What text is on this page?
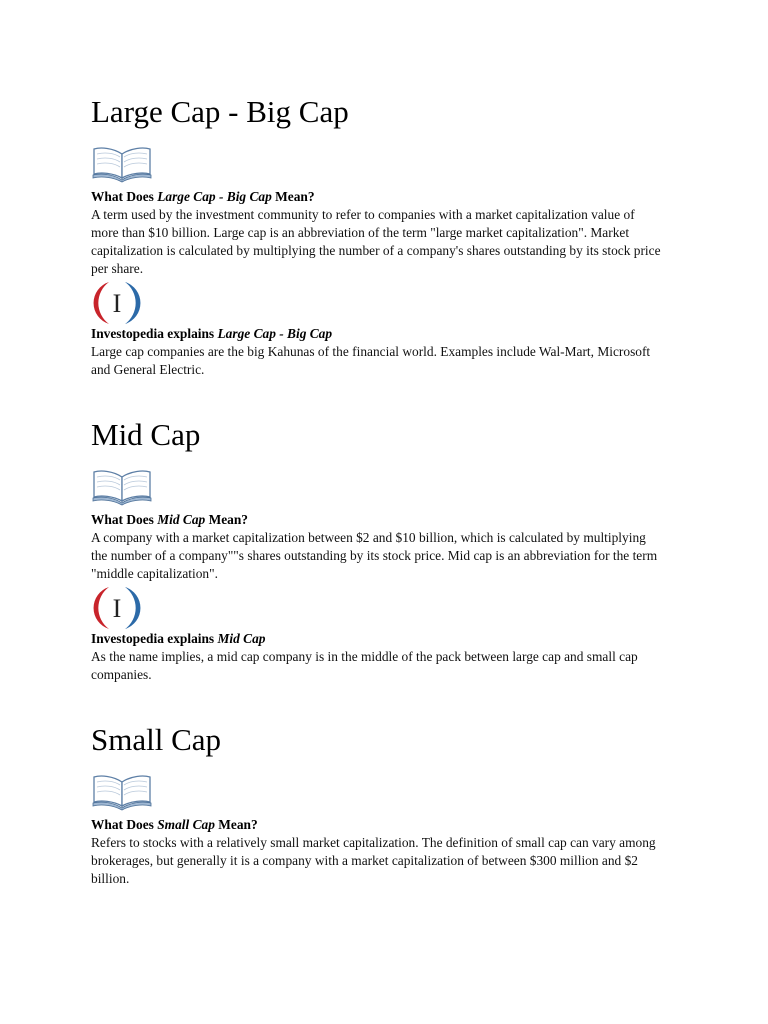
Large Cap - Big Cap
What Does Large Cap - Big Cap Mean?
A term used by the investment community to refer to companies with a market capitalization value of more than $10 billion. Large cap is an abbreviation of the term "large market capitalization". Market capitalization is calculated by multiplying the number of a company's shares outstanding by its stock price per share.
I
Investopedia explains Large Cap - Big Cap
Large cap companies are the big Kahunas of the financial world. Examples include Wal-Mart, Microsoft and General Electric.
Mid Cap
What Does Mid Cap Mean?
A company with a market capitalization between $2 and $10 billion, which is calculated by multiplying the number of a company""s shares outstanding by its stock price. Mid cap is an abbreviation for the term "middle capitalization".
I
Investopedia explains Mid Cap
As the name implies, a mid cap company is in the middle of the pack between large cap and small cap companies.
Small Cap
What Does Small Cap Mean?
Refers to stocks with a relatively small market capitalization. The definition of small cap can vary among brokerages, but generally it is a company with a market capitalization of between $300 million and $2 billion.
